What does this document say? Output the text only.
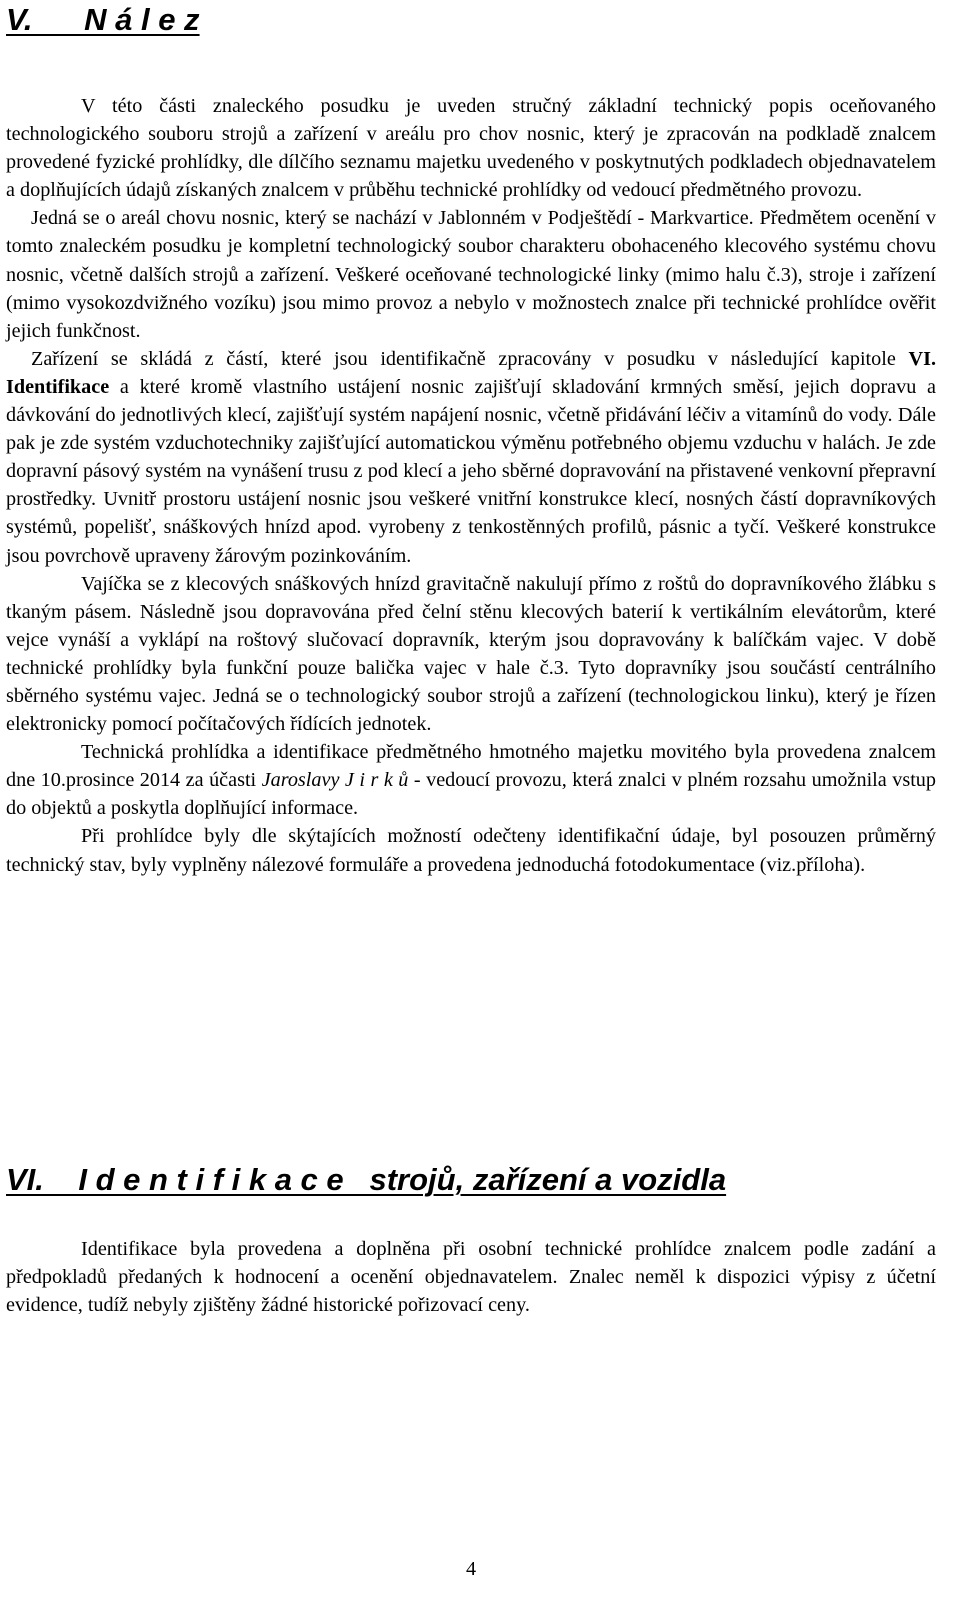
V.      N á l e z

V této části znaleckého posudku je uveden stručný základní technický popis oceňovaného technologického souboru strojů a zařízení v areálu pro chov nosnic, který je zpracován na podkladě znalcem provedené fyzické prohlídky, dle dílčího seznamu majetku uvedeného v poskytnutých podkladech objednavatelem a doplňujících údajů získaných znalcem v průběhu technické prohlídky od vedoucí předmětného provozu.

Jedná se o areál chovu nosnic, který se nachází v Jablonném v Podještědí - Markvartice. Předmětem ocenění v tomto znaleckém posudku je kompletní technologický soubor charakteru obohaceného klecového systému chovu nosnic, včetně dalších strojů a zařízení. Veškeré oceňované technologické linky (mimo halu č.3), stroje i zařízení (mimo vysokozdvižného vozíku) jsou mimo provoz a nebylo v možnostech znalce při technické prohlídce ověřit jejich funkčnost.

Zařízení se skládá z částí, které jsou identifikačně zpracovány v posudku v následující kapitole VI. Identifikace a které kromě vlastního ustájení nosnic zajišťují skladování krmných směsí, jejich dopravu a dávkování do jednotlivých klecí, zajišťují systém napájení nosnic, včetně přidávání léčiv a vitamínů do vody. Dále pak je zde systém vzduchotechniky zajišťující automatickou výměnu potřebného objemu vzduchu v halách. Je zde dopravní pásový systém na vynášení trusu z pod klecí a jeho sběrné dopravování na přistavené venkovní přepravní prostředky. Uvnitř prostoru ustájení nosnic jsou veškeré vnitřní konstrukce klecí, nosných částí dopravníkových systémů, popelišť, snáškových hnízd apod. vyrobeny z tenkostěnných profilů, pásnic a tyčí. Veškeré konstrukce jsou povrchově upraveny žárovým pozinkováním.

Vajíčka se z klecových snáškových hnízd gravitačně nakulují přímo z roštů do dopravníkového žlábku s tkaným pásem. Následně jsou dopravována před čelní stěnu klecových baterií k vertikálním elevátorům, které vejce vynáší a vyklápí na roštový slučovací dopravník, kterým jsou dopravovány k balíčkám vajec. V době technické prohlídky byla funkční pouze balička vajec v hale č.3. Tyto dopravníky jsou součástí centrálního sběrného systému vajec. Jedná se o technologický soubor strojů a zařízení (technologickou linku), který je řízen elektronicky pomocí počítačových řídících jednotek.

Technická prohlídka a identifikace předmětného hmotného majetku movitého byla provedena znalcem dne 10.prosince 2014 za účasti Jaroslavy J i r k ů - vedoucí provozu, která znalci v plném rozsahu umožnila vstup do objektů a poskytla doplňující informace.

Při prohlídce byly dle skýtajících možností odečteny identifikační údaje, byl posouzen průměrný technický stav, byly vyplněny nálezové formuláře a provedena jednoduchá fotodokumentace (viz.příloha).

VI.    I d e n t i f i k a c e   strojů, zařízení a vozidla

Identifikace byla provedena a doplněna při osobní technické prohlídce znalcem podle zadání a předpokladů předaných k hodnocení a ocenění objednavatelem. Znalec neměl k dispozici výpisy z účetní evidence, tudíž nebyly zjištěny žádné historické pořizovací ceny.

4
